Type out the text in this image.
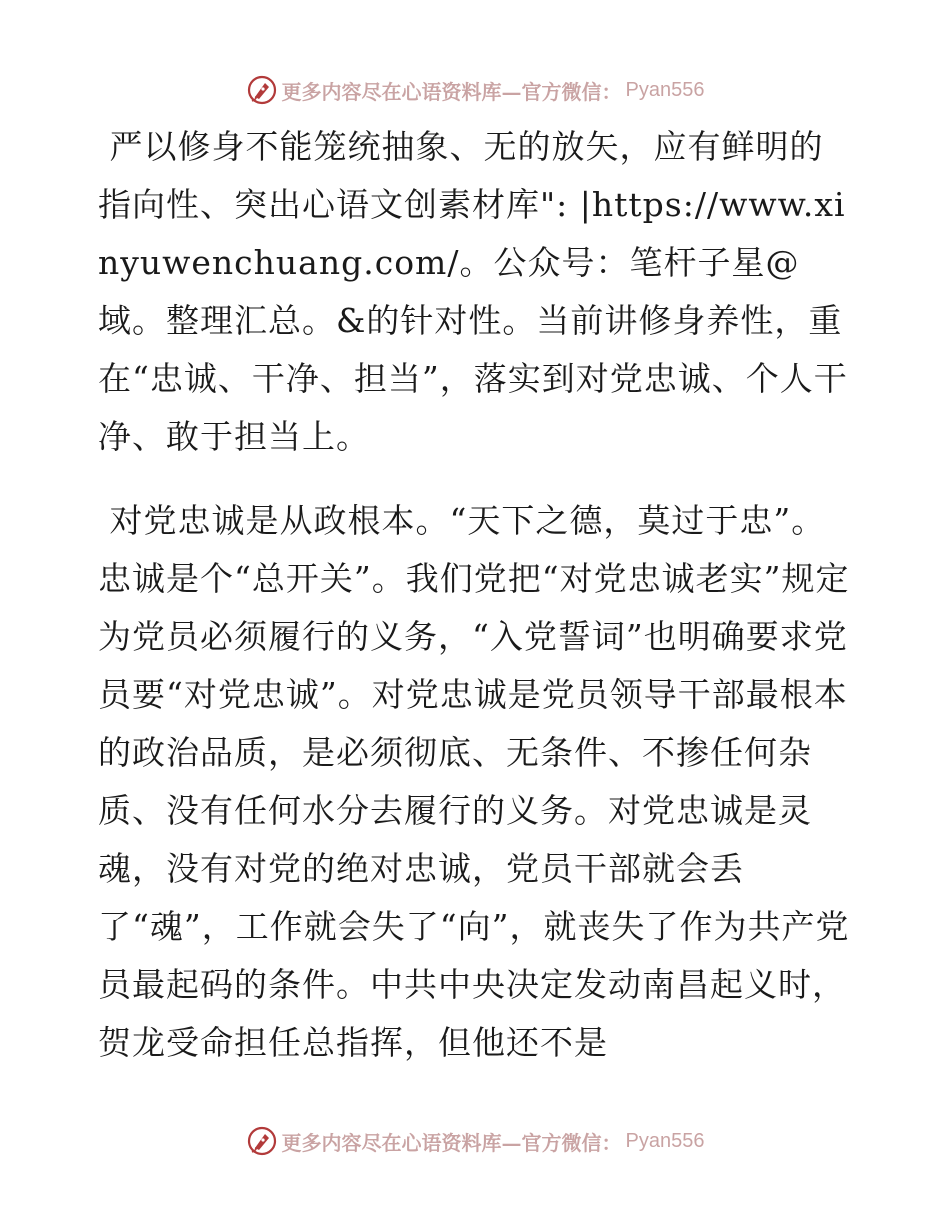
更多内容尽在心语资料库—官方微信： Pyan556

严以修身不能笼统抽象、无的放矢，应有鲜明的指向性、突出心语文创素材库": |https://www.xinyuwenchuang.com/。公众号：笔杆子星@域。整理汇总。&的针对性。当前讲修身养性，重在“忠诚、干净、担当”，落实到对党忠诚、个人干净、敢于担当上。

对党忠诚是从政根本。“天下之德，莫过于忠”。忠诚是个“总开关”。我们党把“对党忠诚老实”规定为党员必须履行的义务，“入党誓词”也明确要求党员要“对党忠诚”。对党忠诚是党员领导干部最根本的政治品质，是必须彻底、无条件、不掺任何杂质、没有任何水分去履行的义务。对党忠诚是灵魂，没有对党的绝对忠诚，党员干部就会丢了“魂”，工作就会失了“向”，就丧失了作为共产党员最起码的条件。中共中央决定发动南昌起义时，贺龙受命担任总指挥，但他还不是

更多内容尽在心语资料库—官方微信： Pyan556
